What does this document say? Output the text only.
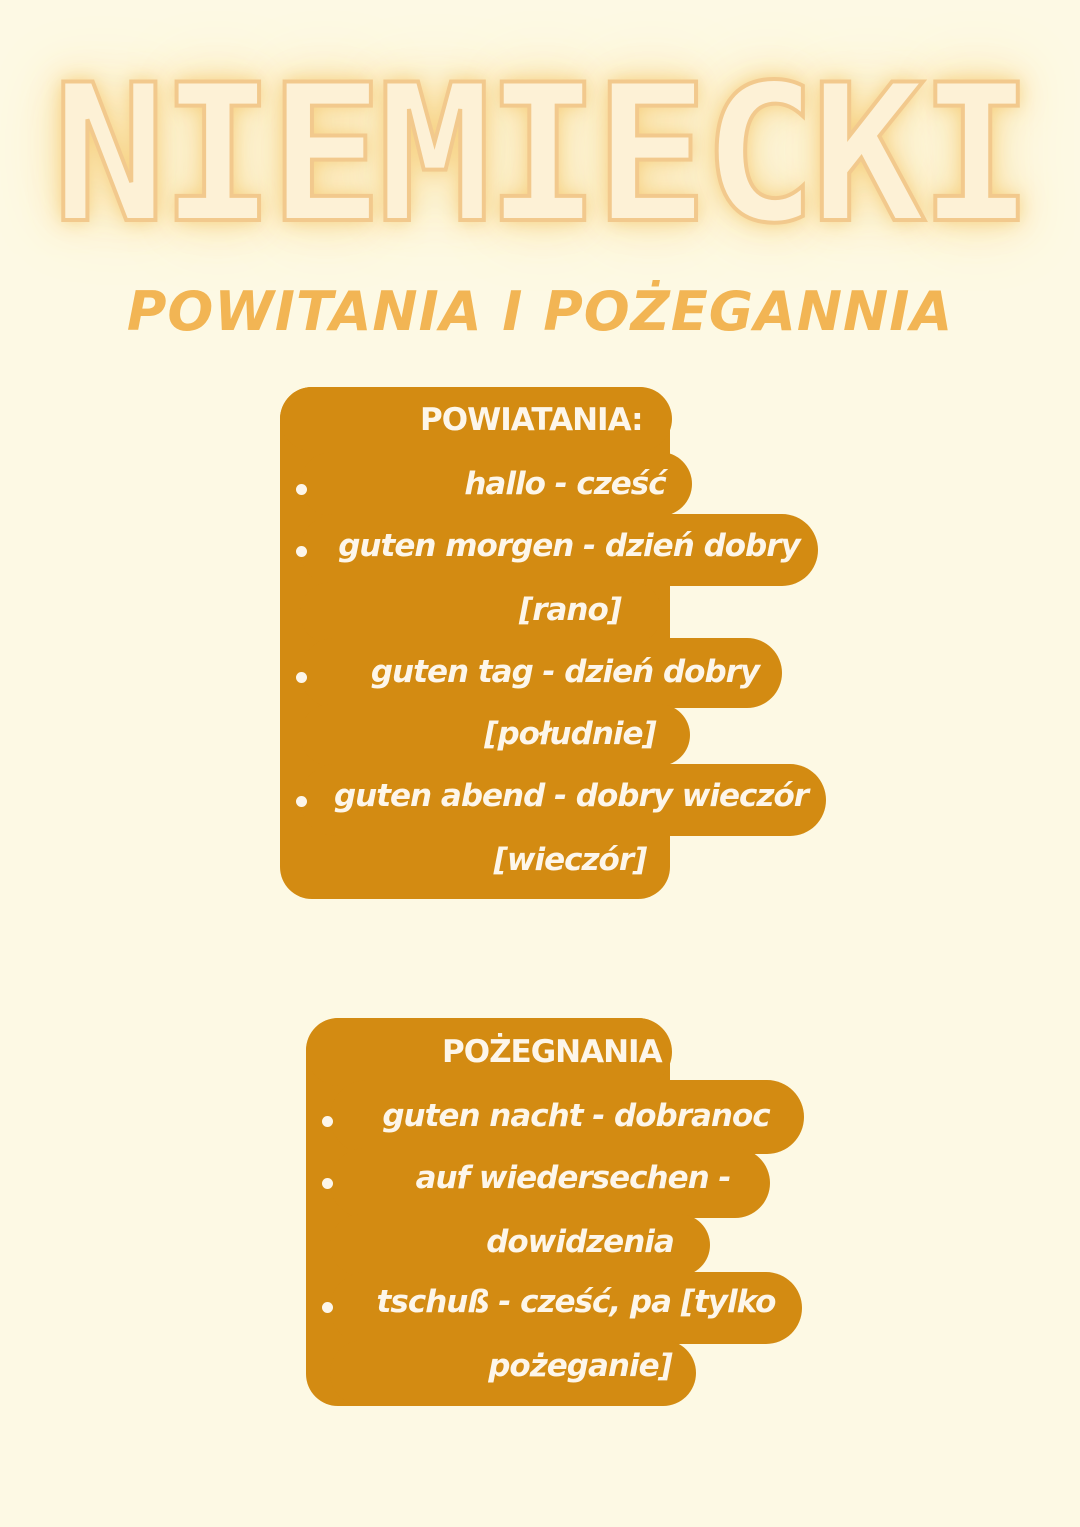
NIEMIECKI
POWITANIA I POŻEGANNIA
POWIATANIA:
hallo - cześć
guten morgen - dzień dobry
[rano]
guten tag - dzień dobry
[południe]
guten abend - dobry wieczór
[wieczór]
POŻEGNANIA
guten nacht - dobranoc
auf wiedersechen -
dowidzenia
tschuß - cześć, pa [tylko
pożeganie]
